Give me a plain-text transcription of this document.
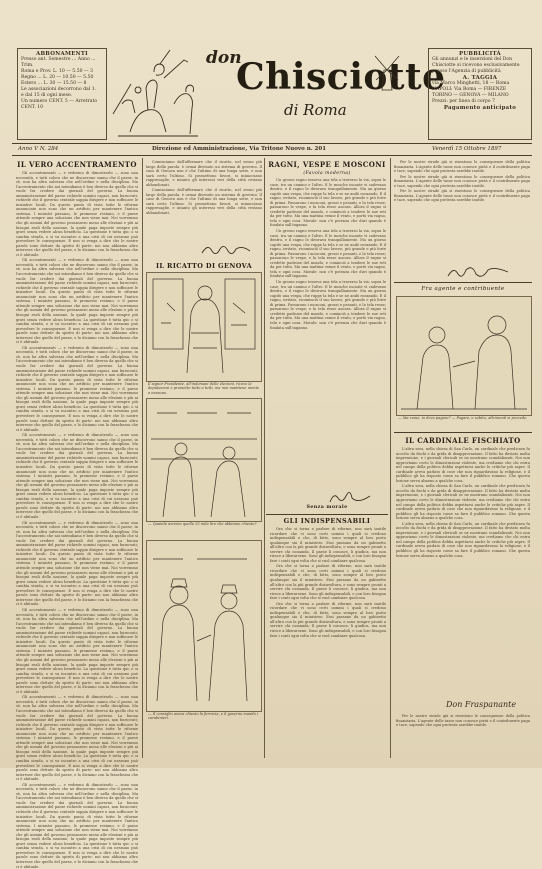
ABBONAMENTI
Presso ant. Semestre ... Anno ... Trim.
Roma e Prov. L. 10 — 5.50 — 3
Regno ... L. 20 — 10.50 — 5.50
Estero ... L. 30 — 15.50 — 8
Le associazioni decorrono dal 1.
e dal 15 di ogni mese.
Un numero CENT. 5 — Arretrato CENT. 10
don
Chisciotte
di Roma
PUBBLICITÀ
Gli annunzi e le inserzioni del Don
Chisciotte si ricevono esclusivamente
presso l'Agenzia di pubblicità
A. TAGGIA
via Marco Minghetti, 18 — Roma
NAPOLI: Via Roma — FIRENZE
TORINO — GENOVA — MILANO
Prezzi: per linea di corpo 7
Pagamento anticipato
Anno V N. 284	Direzione ed Amministrazione, Via Tritone Nuovo n. 201	Venerdì 15 Ottobre 1897
IL VERO ACCENTRAMENTO

Gli accentramenti — e vedremo di dimostrarlo — sono una necessità, e tutti coloro che ne discorrono sanno che il paese, in sè, non ha altra salvezza che nell'ordine e nella disciplina. Ma l'accentramento che noi intendiamo è ben diverso da quello che si vuole far credere dai giornali del governo. La buona amministrazione del paese richiede uomini capaci, non burocrati; richiede che il governo centrale sappia dirigere e non soffocare le iniziative locali. Da questo punto di vista tutte le riforme annunciate non sono che un artificio per mantenere l'antico sistema. I ministri passano, le promesse restano, e il paese attende sempre una soluzione che non viene mai. Noi vorremmo che gli uomini del governo pensassero meno alle elezioni e più ai bisogni reali della nazione, la quale paga imposte sempre più gravi senza vedere alcun beneficio. La questione è tutta qui: o si cambia strada, o si va incontro a una crisi di cui nessuno può prevedere le conseguenze. E non si venga a dire che le nostre parole sono dettate da spirito di parte: noi non abbiamo altro interesse che quello del paese, e lo diciamo con la franchezza che ci è abituale.

Gli accentramenti — e vedremo di dimostrarlo — sono una necessità, e tutti coloro che ne discorrono sanno che il paese, in sè, non ha altra salvezza che nell'ordine e nella disciplina. Ma l'accentramento che noi intendiamo è ben diverso da quello che si vuole far credere dai giornali del governo. La buona amministrazione del paese richiede uomini capaci, non burocrati; richiede che il governo centrale sappia dirigere e non soffocare le iniziative locali. Da questo punto di vista tutte le riforme annunciate non sono che un artificio per mantenere l'antico sistema. I ministri passano, le promesse restano, e il paese attende sempre una soluzione che non viene mai. Noi vorremmo che gli uomini del governo pensassero meno alle elezioni e più ai bisogni reali della nazione, la quale paga imposte sempre più gravi senza vedere alcun beneficio. La questione è tutta qui: o si cambia strada, o si va incontro a una crisi di cui nessuno può prevedere le conseguenze. E non si venga a dire che le nostre parole sono dettate da spirito di parte: noi non abbiamo altro interesse che quello del paese, e lo diciamo con la franchezza che ci è abituale.

Gli accentramenti — e vedremo di dimostrarlo — sono una necessità, e tutti coloro che ne discorrono sanno che il paese, in sè, non ha altra salvezza che nell'ordine e nella disciplina. Ma l'accentramento che noi intendiamo è ben diverso da quello che si vuole far credere dai giornali del governo. La buona amministrazione del paese richiede uomini capaci, non burocrati; richiede che il governo centrale sappia dirigere e non soffocare le iniziative locali. Da questo punto di vista tutte le riforme annunciate non sono che un artificio per mantenere l'antico sistema. I ministri passano, le promesse restano, e il paese attende sempre una soluzione che non viene mai. Noi vorremmo che gli uomini del governo pensassero meno alle elezioni e più ai bisogni reali della nazione, la quale paga imposte sempre più gravi senza vedere alcun beneficio. La questione è tutta qui: o si cambia strada, o si va incontro a una crisi di cui nessuno può prevedere le conseguenze. E non si venga a dire che le nostre parole sono dettate da spirito di parte: noi non abbiamo altro interesse che quello del paese, e lo diciamo con la franchezza che ci è abituale.

Gli accentramenti — e vedremo di dimostrarlo — sono una necessità, e tutti coloro che ne discorrono sanno che il paese, in sè, non ha altra salvezza che nell'ordine e nella disciplina. Ma l'accentramento che noi intendiamo è ben diverso da quello che si vuole far credere dai giornali del governo. La buona amministrazione del paese richiede uomini capaci, non burocrati; richiede che il governo centrale sappia dirigere e non soffocare le iniziative locali. Da questo punto di vista tutte le riforme annunciate non sono che un artificio per mantenere l'antico sistema. I ministri passano, le promesse restano, e il paese attende sempre una soluzione che non viene mai. Noi vorremmo che gli uomini del governo pensassero meno alle elezioni e più ai bisogni reali della nazione, la quale paga imposte sempre più gravi senza vedere alcun beneficio. La questione è tutta qui: o si cambia strada, o si va incontro a una crisi di cui nessuno può prevedere le conseguenze. E non si venga a dire che le nostre parole sono dettate da spirito di parte: noi non abbiamo altro interesse che quello del paese, e lo diciamo con la franchezza che ci è abituale.

Gli accentramenti — e vedremo di dimostrarlo — sono una necessità, e tutti coloro che ne discorrono sanno che il paese, in sè, non ha altra salvezza che nell'ordine e nella disciplina. Ma l'accentramento che noi intendiamo è ben diverso da quello che si vuole far credere dai giornali del governo. La buona amministrazione del paese richiede uomini capaci, non burocrati; richiede che il governo centrale sappia dirigere e non soffocare le iniziative locali. Da questo punto di vista tutte le riforme annunciate non sono che un artificio per mantenere l'antico sistema. I ministri passano, le promesse restano, e il paese attende sempre una soluzione che non viene mai. Noi vorremmo che gli uomini del governo pensassero meno alle elezioni e più ai bisogni reali della nazione, la quale paga imposte sempre più gravi senza vedere alcun beneficio. La questione è tutta qui: o si cambia strada, o si va incontro a una crisi di cui nessuno può prevedere le conseguenze. E non si venga a dire che le nostre parole sono dettate da spirito di parte: noi non abbiamo altro interesse che quello del paese, e lo diciamo con la franchezza che ci è abituale.

Gli accentramenti — e vedremo di dimostrarlo — sono una necessità, e tutti coloro che ne discorrono sanno che il paese, in sè, non ha altra salvezza che nell'ordine e nella disciplina. Ma l'accentramento che noi intendiamo è ben diverso da quello che si vuole far credere dai giornali del governo. La buona amministrazione del paese richiede uomini capaci, non burocrati; richiede che il governo centrale sappia dirigere e non soffocare le iniziative locali. Da questo punto di vista tutte le riforme annunciate non sono che un artificio per mantenere l'antico sistema. I ministri passano, le promesse restano, e il paese attende sempre una soluzione che non viene mai. Noi vorremmo che gli uomini del governo pensassero meno alle elezioni e più ai bisogni reali della nazione, la quale paga imposte sempre più gravi senza vedere alcun beneficio. La questione è tutta qui: o si cambia strada, o si va incontro a una crisi di cui nessuno può prevedere le conseguenze. E non si venga a dire che le nostre parole sono dettate da spirito di parte: noi non abbiamo altro interesse che quello del paese, e lo diciamo con la franchezza che ci è abituale.

Gli accentramenti — e vedremo di dimostrarlo — sono una necessità, e tutti coloro che ne discorrono sanno che il paese, in sè, non ha altra salvezza che nell'ordine e nella disciplina. Ma l'accentramento che noi intendiamo è ben diverso da quello che si vuole far credere dai giornali del governo. La buona amministrazione del paese richiede uomini capaci, non burocrati; richiede che il governo centrale sappia dirigere e non soffocare le iniziative locali. Da questo punto di vista tutte le riforme annunciate non sono che un artificio per mantenere l'antico sistema. I ministri passano, le promesse restano, e il paese attende sempre una soluzione che non viene mai. Noi vorremmo che gli uomini del governo pensassero meno alle elezioni e più ai bisogni reali della nazione, la quale paga imposte sempre più gravi senza vedere alcun beneficio. La questione è tutta qui: o si cambia strada, o si va incontro a una crisi di cui nessuno può prevedere le conseguenze. E non si venga a dire che le nostre parole sono dettate da spirito di parte: noi non abbiamo altro interesse che quello del paese, e lo diciamo con la franchezza che ci è abituale.

Gli accentramenti — e vedremo di dimostrarlo — sono una necessità, e tutti coloro che ne discorrono sanno che il paese, in sè, non ha altra salvezza che nell'ordine e nella disciplina. Ma l'accentramento che noi intendiamo è ben diverso da quello che si vuole far credere dai giornali del governo. La buona amministrazione del paese richiede uomini capaci, non burocrati; richiede che il governo centrale sappia dirigere e non soffocare le iniziative locali. Da questo punto di vista tutte le riforme annunciate non sono che un artificio per mantenere l'antico sistema. I ministri passano, le promesse restano, e il paese attende sempre una soluzione che non viene mai. Noi vorremmo che gli uomini del governo pensassero meno alle elezioni e più ai bisogni reali della nazione, la quale paga imposte sempre più gravi senza vedere alcun beneficio. La questione è tutta qui: o si cambia strada, o si va incontro a una crisi di cui nessuno può prevedere le conseguenze. E non si venga a dire che le nostre parole sono dettate da spirito di parte: noi non abbiamo altro interesse che quello del paese, e lo diciamo con la franchezza che ci è abituale.

Cominciamo dall'affermare che il ricatto, nel senso più largo della parola, è ormai divenuto un sistema di governo. Il caso di Genova non è che l'ultimo di una lunga serie, e non sarà certo l'ultimo. Si promettono favori, si minacciano rappresaglie, e intanto gli interessi veri della città restano abbandonati.

Cominciamo dall'affermare che il ricatto, nel senso più largo della parola, è ormai divenuto un sistema di governo. Il caso di Genova non è che l'ultimo di una lunga serie, e non sarà certo l'ultimo. Si promettono favori, si minacciano rappresaglie, e intanto gli interessi veri della città restano abbandonati.

IL RICATTO DI GENOVA
Il signor Presidente, all'indomani delle elezioni, riceve le deputazioni e promette tutto a tutti, ma non mantiene niente a nessuno.
— Quando avremo quelle 25 mila lire che abbiamo chiesto?
— Il consiglio aveva chiesto la ferrovia, e il governo manda i carabinieri.
RAGNI, VESPE E MOSCONI
(Favola moderna)

Un grosso ragno tesseva una tela a traverso la via, sopra le case, tra un camino e l'altro. E le mosche incaute vi cadevano dentro, e il ragno le divorava tranquillamente. Ma un giorno capitò una vespa, che ruppe la tela e se ne andò ronzando. E il ragno, irritato, ricominciò il suo lavoro, più grande e più forte di prima. Passarono i mosconi, grossi e pesanti, e la tela resse; passarono le vespe, e la tela resse ancora. Allora il ragno si credette padrone del mondo, e cominciò a tendere le sue reti da per tutto. Ma una mattina venne il vento, e portò via ragno, tela e ogni cosa. Morale: non c'è potenza che duri quando è fondata sull'inganno.

Un grosso ragno tesseva una tela a traverso la via, sopra le case, tra un camino e l'altro. E le mosche incaute vi cadevano dentro, e il ragno le divorava tranquillamente. Ma un giorno capitò una vespa, che ruppe la tela e se ne andò ronzando. E il ragno, irritato, ricominciò il suo lavoro, più grande e più forte di prima. Passarono i mosconi, grossi e pesanti, e la tela resse; passarono le vespe, e la tela resse ancora. Allora il ragno si credette padrone del mondo, e cominciò a tendere le sue reti da per tutto. Ma una mattina venne il vento, e portò via ragno, tela e ogni cosa. Morale: non c'è potenza che duri quando è fondata sull'inganno.

Un grosso ragno tesseva una tela a traverso la via, sopra le case, tra un camino e l'altro. E le mosche incaute vi cadevano dentro, e il ragno le divorava tranquillamente. Ma un giorno capitò una vespa, che ruppe la tela e se ne andò ronzando. E il ragno, irritato, ricominciò il suo lavoro, più grande e più forte di prima. Passarono i mosconi, grossi e pesanti, e la tela resse; passarono le vespe, e la tela resse ancora. Allora il ragno si credette padrone del mondo, e cominciò a tendere le sue reti da per tutto. Ma una mattina venne il vento, e portò via ragno, tela e ogni cosa. Morale: non c'è potenza che duri quando è fondata sull'inganno.

Senza morale
GLI INDISPENSABILI

Ora che si torna a parlare di riforme, non sarà inutile ricordare che vi sono certi uomini i quali si credono indispensabili e che, di fatto, sono sempre al loro posto qualunque sia il ministero. Essi passano da un gabinetto all'altro con la più grande disinvoltura, e sono sempre pronti a servire chi comanda. Il paese li conosce, li giudica, ma non riesce a liberarsene. Sono gli indispensabili, e con loro bisogna fare i conti ogni volta che si vuol cambiare qualcosa.

Ora che si torna a parlare di riforme, non sarà inutile ricordare che vi sono certi uomini i quali si credono indispensabili e che, di fatto, sono sempre al loro posto qualunque sia il ministero. Essi passano da un gabinetto all'altro con la più grande disinvoltura, e sono sempre pronti a servire chi comanda. Il paese li conosce, li giudica, ma non riesce a liberarsene. Sono gli indispensabili, e con loro bisogna fare i conti ogni volta che si vuol cambiare qualcosa.

Ora che si torna a parlare di riforme, non sarà inutile ricordare che vi sono certi uomini i quali si credono indispensabili e che, di fatto, sono sempre al loro posto qualunque sia il ministero. Essi passano da un gabinetto all'altro con la più grande disinvoltura, e sono sempre pronti a servire chi comanda. Il paese li conosce, li giudica, ma non riesce a liberarsene. Sono gli indispensabili, e con loro bisogna fare i conti ogni volta che si vuol cambiare qualcosa.

Per le nostre strade già si risentono le conseguenze della politica finanziaria. L'agente delle tasse non conosce pietà e il contribuente paga e tace, sapendo che ogni protesta sarebbe inutile.

Per le nostre strade già si risentono le conseguenze della politica finanziaria. L'agente delle tasse non conosce pietà e il contribuente paga e tace, sapendo che ogni protesta sarebbe inutile.

Per le nostre strade già si risentono le conseguenze della politica finanziaria. L'agente delle tasse non conosce pietà e il contribuente paga e tace, sapendo che ogni protesta sarebbe inutile.

Fra agente e contribuente
— Ma come, io devo pagare? — Pagare, e subito, altrimenti si procede.
IL CARDINALE FISCHIATO

L'altra sera, nella chiesa di San Carlo, un cardinale che predicava fu accolto da fischi e da grida di disapprovazione. Il fatto ha destato molta impressione, e i giornali clericali se ne mostrano scandalizzati. Noi non approviamo certo le dimostrazioni violente, ma crediamo che chi entra nel campo della politica debba aspettarsi anche le critiche più aspre. Il cardinale aveva parlato di cose che non riguardavano la religione, e il pubblico gli ha risposto come sa fare il pubblico romano. Che questa lezione serva almeno a qualche cosa.

L'altra sera, nella chiesa di San Carlo, un cardinale che predicava fu accolto da fischi e da grida di disapprovazione. Il fatto ha destato molta impressione, e i giornali clericali se ne mostrano scandalizzati. Noi non approviamo certo le dimostrazioni violente, ma crediamo che chi entra nel campo della politica debba aspettarsi anche le critiche più aspre. Il cardinale aveva parlato di cose che non riguardavano la religione, e il pubblico gli ha risposto come sa fare il pubblico romano. Che questa lezione serva almeno a qualche cosa.

L'altra sera, nella chiesa di San Carlo, un cardinale che predicava fu accolto da fischi e da grida di disapprovazione. Il fatto ha destato molta impressione, e i giornali clericali se ne mostrano scandalizzati. Noi non approviamo certo le dimostrazioni violente, ma crediamo che chi entra nel campo della politica debba aspettarsi anche le critiche più aspre. Il cardinale aveva parlato di cose che non riguardavano la religione, e il pubblico gli ha risposto come sa fare il pubblico romano. Che questa lezione serva almeno a qualche cosa.

Don Fraspanante

Per le nostre strade già si risentono le conseguenze della politica finanziaria. L'agente delle tasse non conosce pietà e il contribuente paga e tace, sapendo che ogni protesta sarebbe inutile.
